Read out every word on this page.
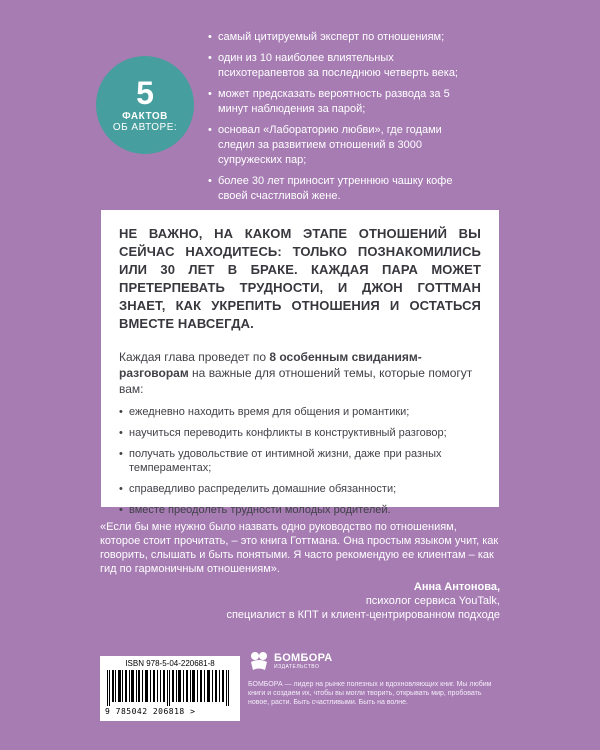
5
ФАКТОВ
ОБ АВТОРЕ:
• самый цитируемый эксперт по отношениям;
• один из 10 наиболее влиятельных психотерапевтов за последнюю четверть века;
• может предсказать вероятность развода за 5 минут наблюдения за парой;
• основал «Лабораторию любви», где годами следил за развитием отношений в 3000 супружеских пар;
• более 30 лет приносит утреннюю чашку кофе своей счастливой жене.

НЕ ВАЖНО, НА КАКОМ ЭТАПЕ ОТНОШЕНИЙ ВЫ СЕЙЧАС НАХОДИТЕСЬ: ТОЛЬКО ПОЗНАКОМИЛИСЬ ИЛИ 30 ЛЕТ В БРАКЕ. КАЖДАЯ ПАРА МОЖЕТ ПРЕТЕРПЕВАТЬ ТРУДНОСТИ, И ДЖОН ГОТТМАН ЗНАЕТ, КАК УКРЕПИТЬ ОТНОШЕНИЯ И ОСТАТЬСЯ ВМЕСТЕ НАВСЕГДА.

Каждая глава проведет по 8 особенным свиданиям-разговорам на важные для отношений темы, которые помогут вам:

• ежедневно находить время для общения и романтики;
• научиться переводить конфликты в конструктивный разговор;
• получать удовольствие от интимной жизни, даже при разных темпераментах;
• справедливо распределить домашние обязанности;
• вместе преодолеть трудности молодых родителей.

«Если бы мне нужно было назвать одно руководство по отношениям, которое стоит прочитать, – это книга Готтмана. Она простым языком учит, как говорить, слышать и быть понятыми. Я часто рекомендую ее клиентам – как гид по гармоничным отношениям».

Анна Антонова,
психолог сервиса YouTalk,
специалист в КПТ и клиент-центрированном подходе
ISBN 978-5-04-220681-8
9 785042 206818 >
БОМБОРА
ИЗДАТЕЛЬСТВО
БОМБОРА — лидер на рынке полезных и вдохновляющих книг. Мы любим книги и создаем их, чтобы вы могли творить, открывать мир, пробовать новое, расти. Быть счастливыми. Быть на волне.
